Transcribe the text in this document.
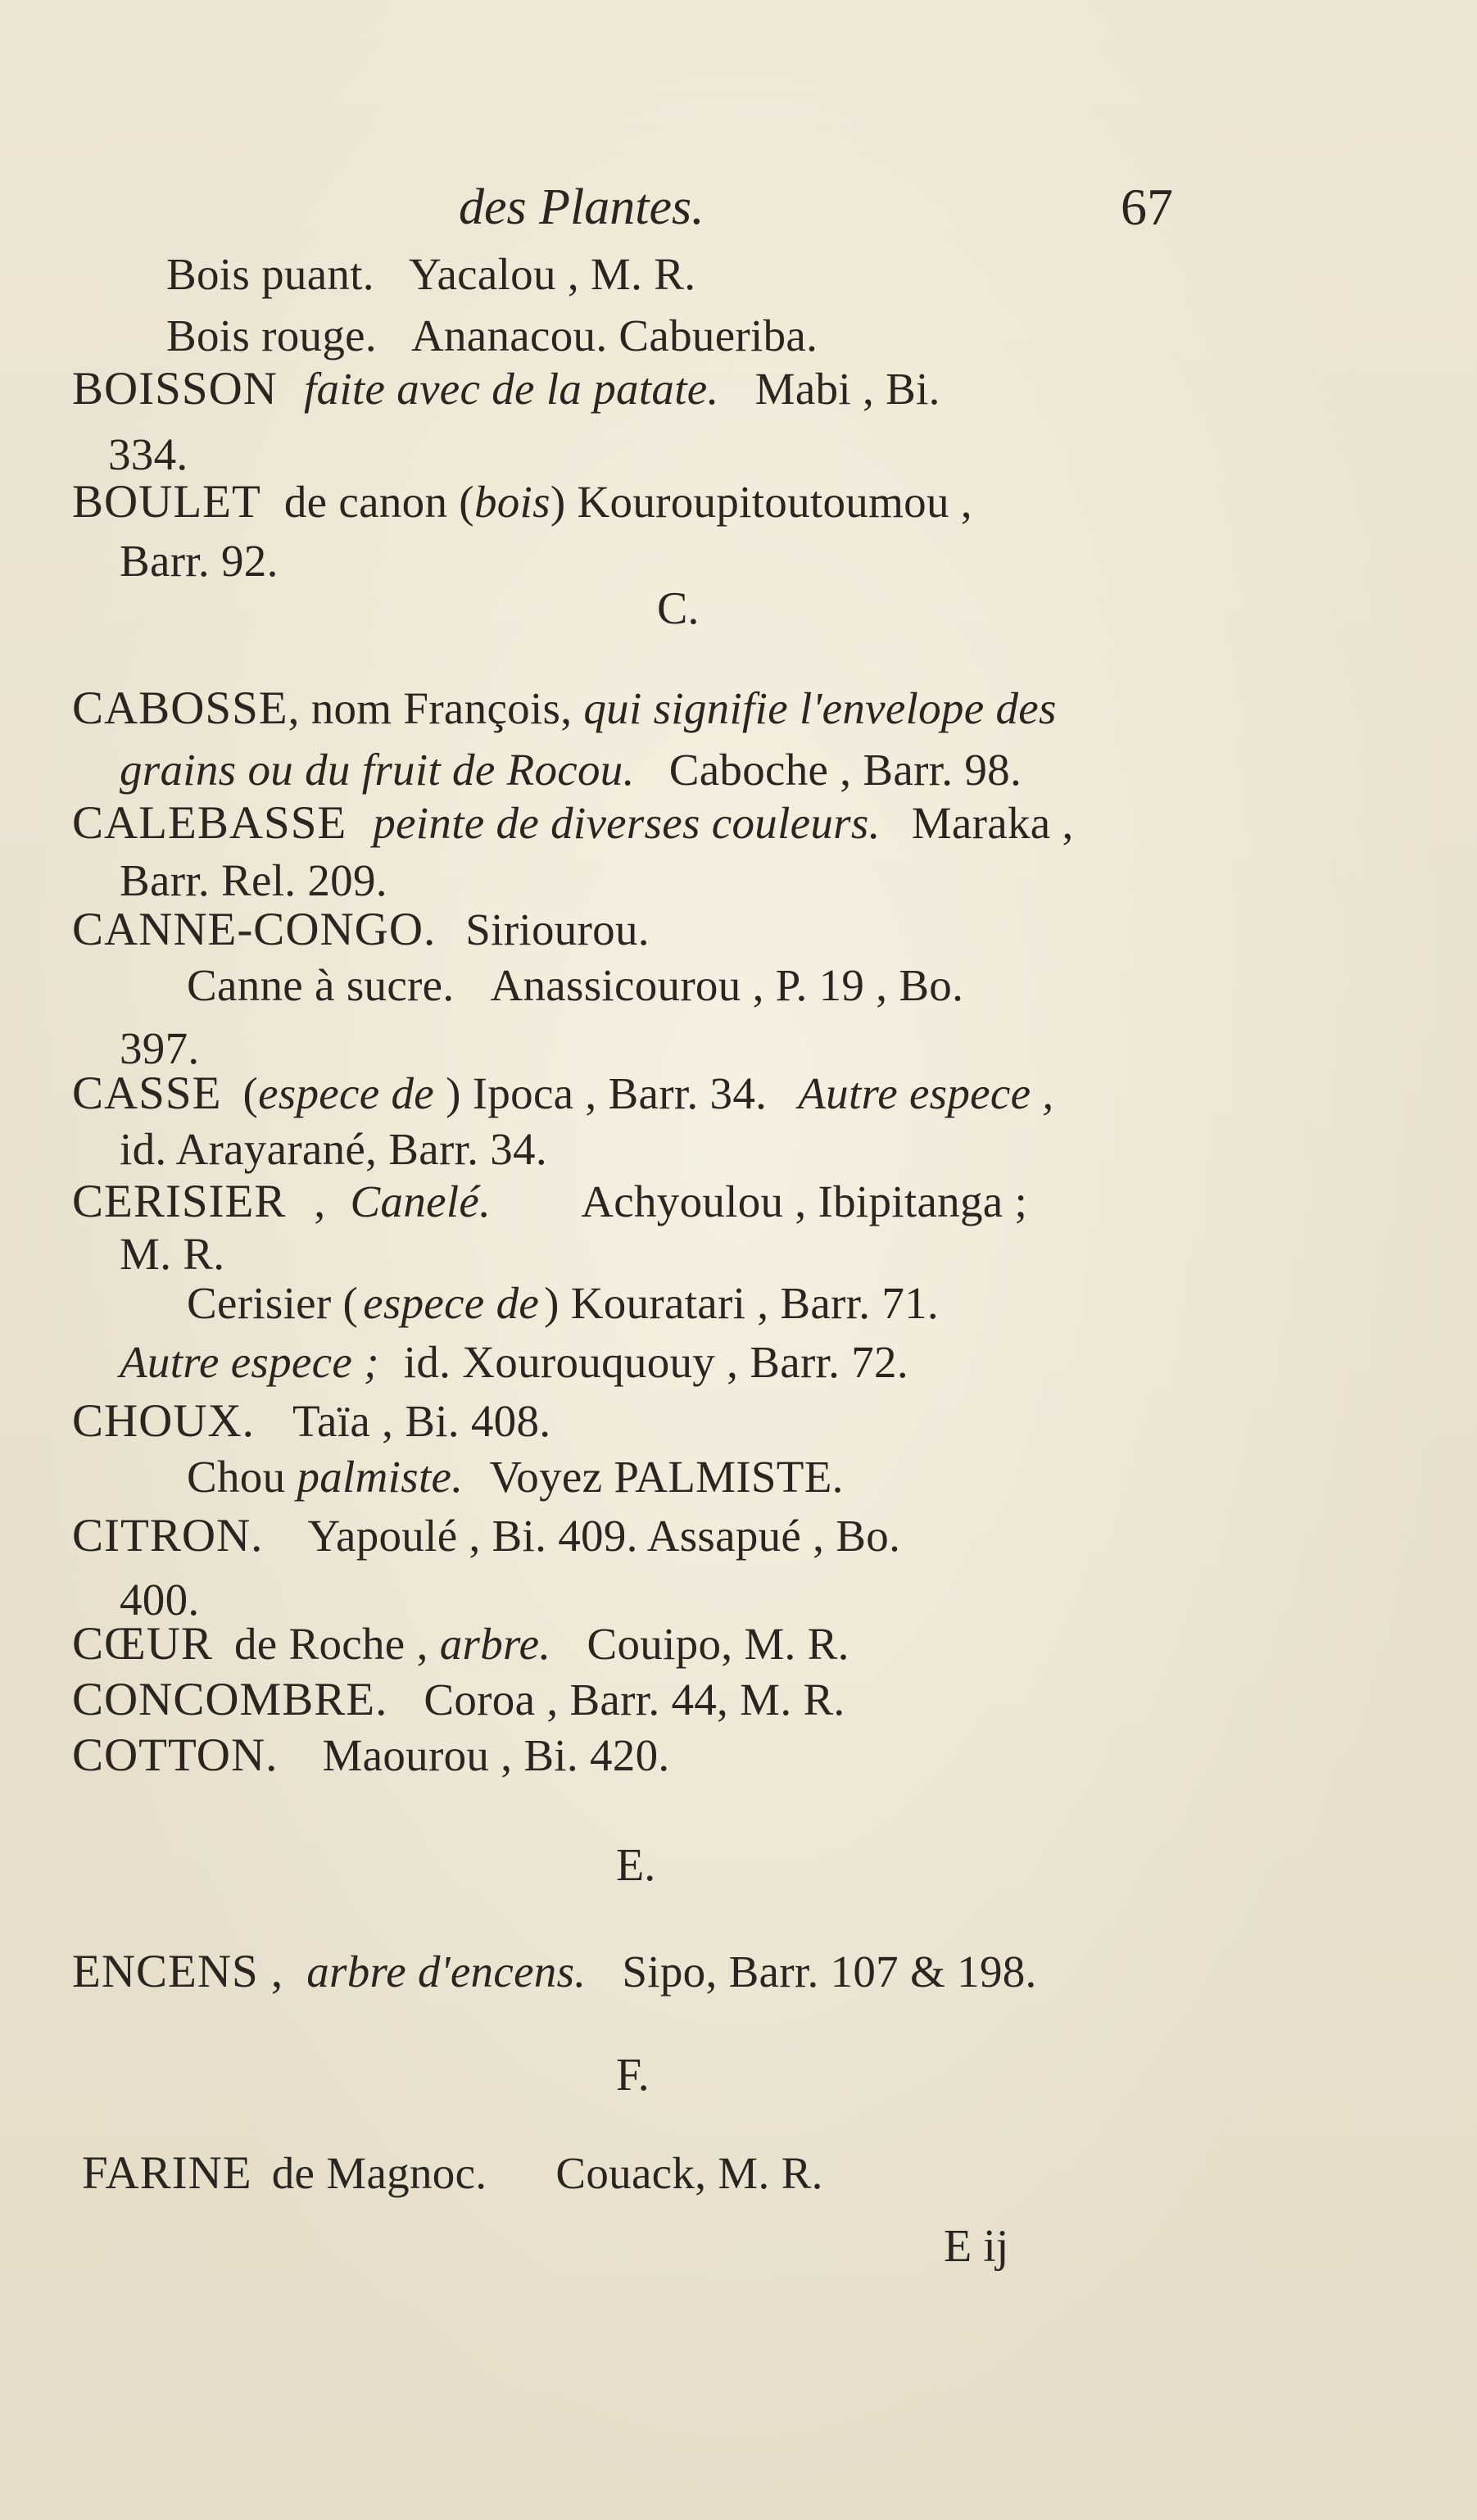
des Plantes.	67
Bois puant. Yacalou , M. R.
Bois rouge. Ananacou. Cabueriba.
BOISSON faite avec de la patate. Mabi , Bi.
334.
BOULET de canon (bois) Kouroupitoutoumou ,
Barr. 92.
C.
CABOSSE, nom François, qui signifie l'envelope des
grains ou du fruit de Rocou. Caboche , Barr. 98.
CALEBASSE peinte de diverses couleurs. Maraka ,
Barr. Rel. 209.
CANNE-CONGO. Siriourou.
Canne à sucre. Anassicourou , P. 19 , Bo.
397.
CASSE (espece de ) Ipoca , Barr. 34. Autre espece ,
id. Arayarané, Barr. 34.
CERISIER , Canelé. Achyoulou , Ibipitanga ;
M. R.
Cerisier ( espece de ) Kouratari , Barr. 71.
Autre espece ; id. Xourouquouy , Barr. 72.
CHOUX. Taïa , Bi. 408.
Chou palmiste. Voyez PALMISTE.
CITRON. Yapoulé , Bi. 409. Assapué , Bo.
400.
CŒUR de Roche , arbre. Couipo, M. R.
CONCOMBRE. Coroa , Barr. 44, M. R.
COTTON. Maourou , Bi. 420.
E.
ENCENS , arbre d'encens. Sipo, Barr. 107 & 198.
F.
FARINE de Magnoc. Couack, M. R.
E ij
